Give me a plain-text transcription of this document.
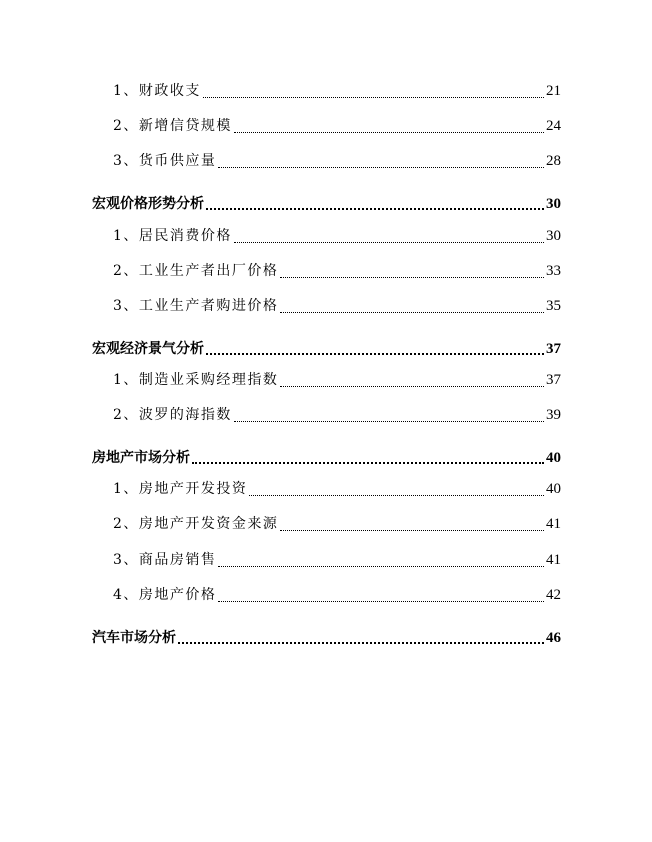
1、财政收支	21
2、新增信贷规模	24
3、货币供应量	28
宏观价格形势分析	30
1、居民消费价格	30
2、工业生产者出厂价格	33
3、工业生产者购进价格	35
宏观经济景气分析	37
1、制造业采购经理指数	37
2、波罗的海指数	39
房地产市场分析	40
1、房地产开发投资	40
2、房地产开发资金来源	41
3、商品房销售	41
4、房地产价格	42
汽车市场分析	46
